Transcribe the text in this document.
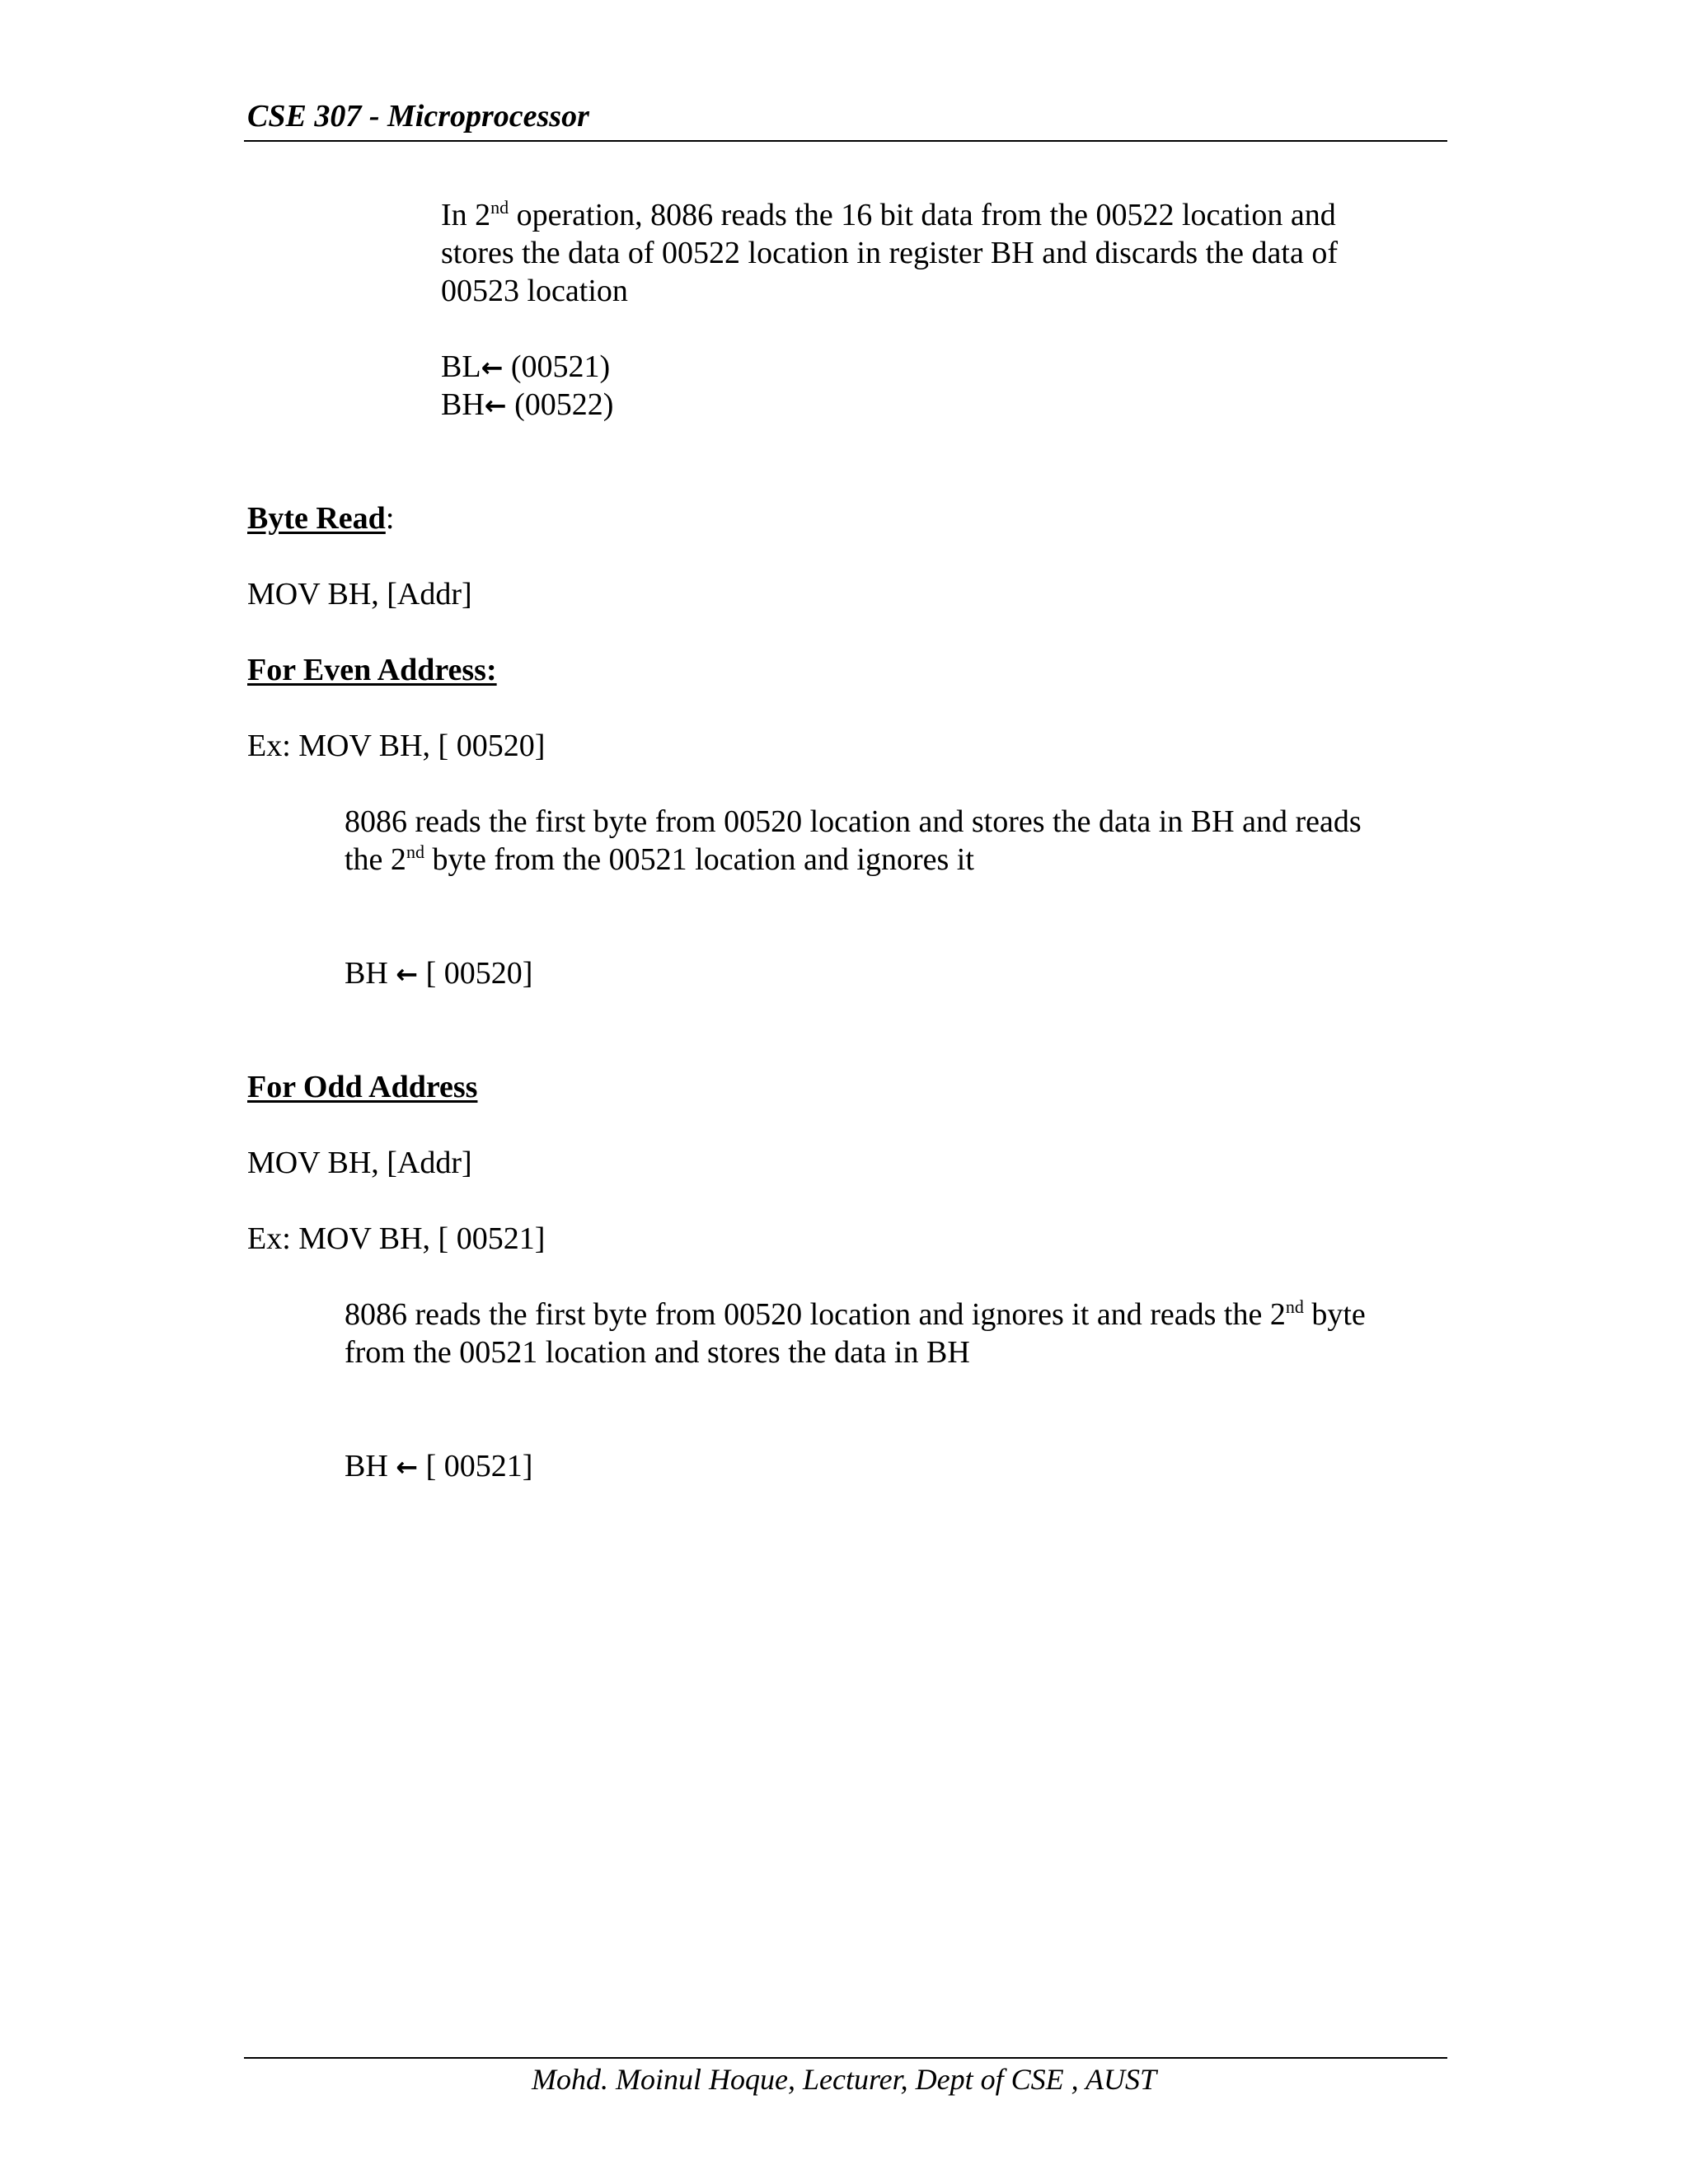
CSE 307 - Microprocessor
In 2nd operation, 8086 reads the 16 bit data from the 00522 location and
stores the data of 00522 location in register BH and discards the data of
00523 location
BL← (00521)
BH← (00522)
Byte Read:
MOV BH, [Addr]
For Even Address:
Ex: MOV BH, [ 00520]
8086 reads the first byte from 00520 location and stores the data in BH and reads
the 2nd byte from the 00521 location and ignores it
BH ← [ 00520]
For Odd Address
MOV BH, [Addr]
Ex: MOV BH, [ 00521]
8086 reads the first byte from 00520 location and ignores it and reads the 2nd byte
from the 00521 location and stores the data in BH
BH ← [ 00521]
Mohd. Moinul Hoque, Lecturer, Dept of CSE , AUST
